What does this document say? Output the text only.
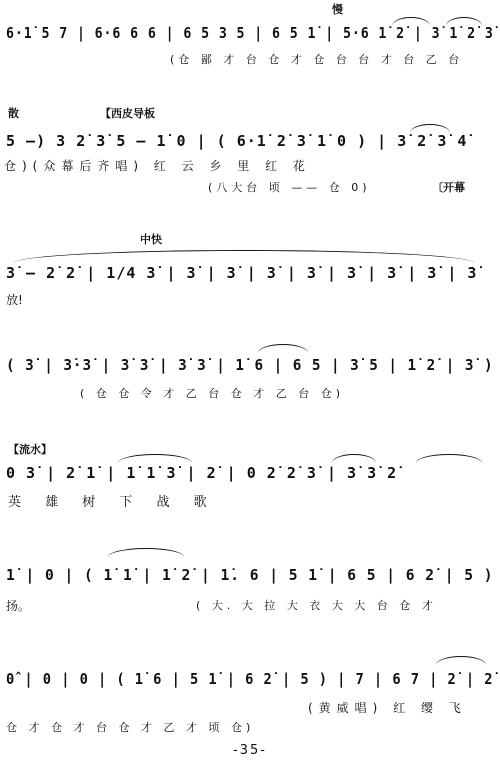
慢
6·1̇ 5 7 | 6·6 6 6 | 6 5 3 5 | 6 5 1̇ | 5·6 1̇ 2̇ | 3̇ 1̇ 2̇ 3̇
(仓 鄙 才 台 仓 才 仓 台 台 才 台 乙 台
散	【西皮导板
5 —) 3 2̇ 3̇ 5 — 1̇ 0 | ( 6·1̇ 2̇ 3̇ 1̇ 0 ) | 3̇ 2̇ 3̇ 4̇
仓)(众幕后齐唱) 红 云 乡 里 红 花
(八大台 顷 —— 仓 0)	〔开幕
中快
3̇ — 2̇ 2̇ | 1/4 3̇ | 3̇ | 3̇ | 3̇ | 3̇ | 3̇ | 3̇ | 3̇ | 3̇
放!
( 3̇ | 3̇·3̇ | 3̇ 3̇ | 3̇ 3̇ | 1̇ 6 | 6 5 | 3̇ 5 | 1̇ 2̇ | 3̇ )
( 仓 仓 令 才 乙 台 仓 才 乙 台 仓)
【流水】
0 3̇ | 2̇ 1̇ | 1̇ 1̇ 3̇ | 2̇ | 0 2̇ 2̇ 3̇ | 3̇ 3̇ 2̇
英 雄 树 下 战 歌
1̇ | 0 | ( 1̇ 1̇ | 1̇ 2̇ | 1̇. 6 | 5 1̇ | 6 5 | 6 2̇ | 5 )
扬。	( 大. 大 拉 大 衣 大 大 台 仓 才
0̂ | 0 | 0 | ( 1̇ 6 | 5 1̇ | 6 2̇ | 5 ) | 7 | 6 7 | 2̇ | 2̇
(黄威唱) 红 缨 飞
仓 才 仓 才 台 仓 才 乙 才 顷 仓)
-35-
